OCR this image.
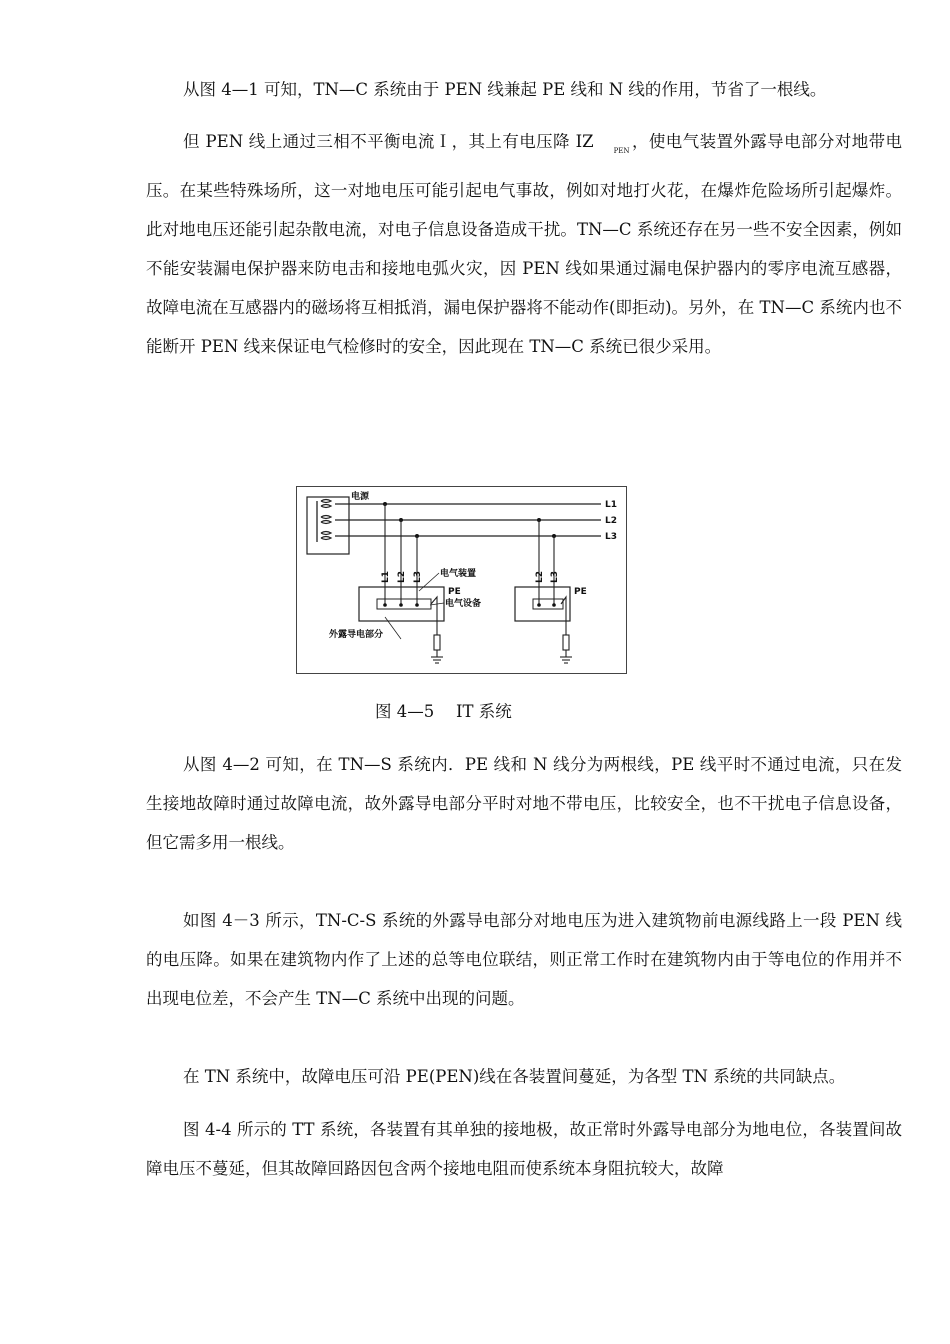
从图 4—1 可知，TN—C 系统由于 PEN 线兼起 PE 线和 N 线的作用，节省了一根线。

但 PEN 线上通过三相不平衡电流Ｉ，其上有电压降 IZ	$_{PEN}$ ，使电气装置外露导电部分对地带电压。在某些特殊场所，这一对地电压可能引起电气事故，例如对地打火花，在爆炸危险场所引起爆炸。此对地电压还能引起杂散电流，对电子信息设备造成干扰。TN—C 系统还存在另一些不安全因素，例如不能安装漏电保护器来防电击和接地电弧火灾，因 PEN 线如果通过漏电保护器内的零序电流互感器，故障电流在互感器内的磁场将互相抵消，漏电保护器将不能动作(即拒动)。另外，在 TN—C 系统内也不能断开 PEN 线来保证电气检修时的安全，因此现在 TN—C 系统已很少采用。

电源
L1
L2
L3
L1 L2 L3	L2 L3
电气装置
PE
电气设备
外露导电部分
PE
图 4—5　 IT 系统

从图 4—2 可知，在 TN—S 系统内．PE 线和 N 线分为两根线，PE 线平时不通过电流，只在发生接地故障时通过故障电流，故外露导电部分平时对地不带电压，比较安全，也不干扰电子信息设备，但它需多用一根线。

如图 4－3 所示，TN-C-S 系统的外露导电部分对地电压为进入建筑物前电源线路上一段 PEN 线的电压降。如果在建筑物内作了上述的总等电位联结，则正常工作时在建筑物内由于等电位的作用并不出现电位差，不会产生 TN—C 系统中出现的问题。

在 TN 系统中，故障电压可沿 PE(PEN)线在各装置间蔓延，为各型 TN 系统的共同缺点。

图 4-4 所示的 TT 系统，各装置有其单独的接地极，故正常时外露导电部分为地电位，各装置间故障电压不蔓延，但其故障回路因包含两个接地电阻而使系统本身阻抗较大，故障
